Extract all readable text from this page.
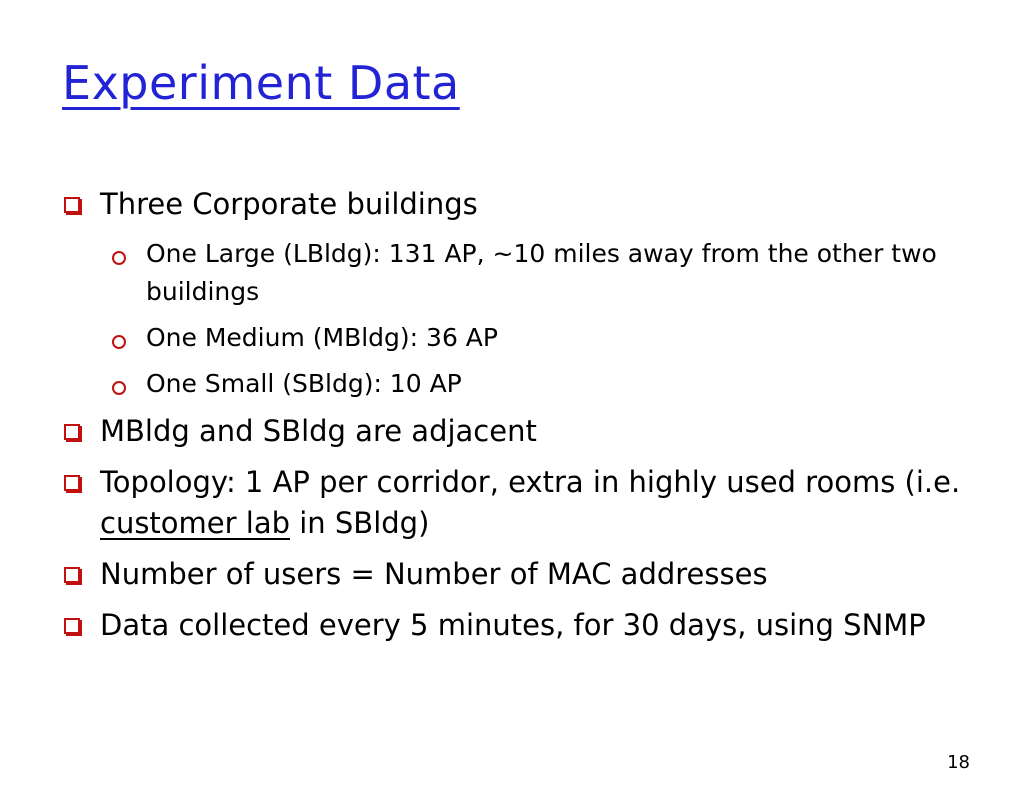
Experiment Data
Three Corporate buildings
One Large (LBldg): 131 AP, ~10 miles away from the other two buildings
One Medium (MBldg): 36 AP
One Small (SBldg): 10 AP
MBldg and SBldg are adjacent
Topology: 1 AP per corridor, extra in highly used rooms (i.e. customer lab in SBldg)
Number of users = Number of MAC addresses
Data collected every 5 minutes, for 30 days, using SNMP
18
